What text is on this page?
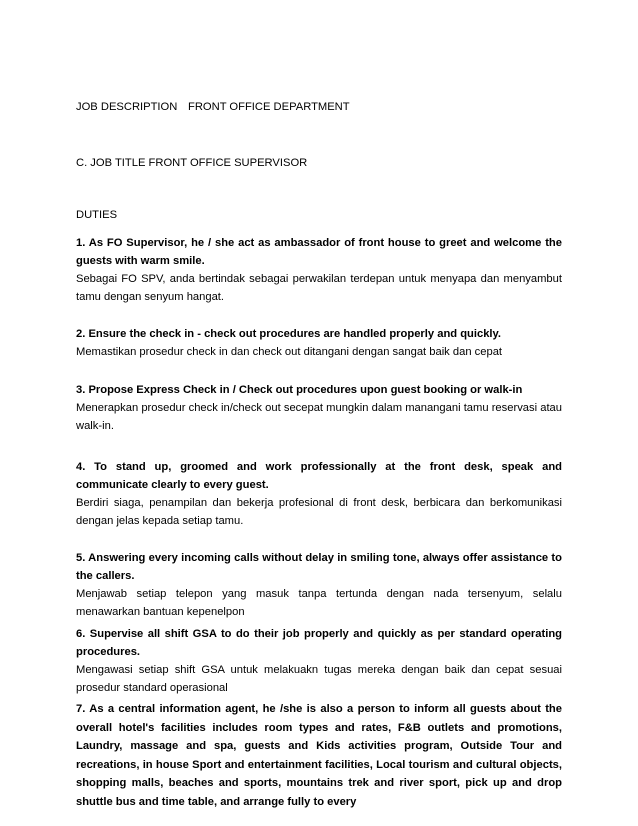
JOB DESCRIPTION FRONT OFFICE DEPARTMENT
C. JOB TITLE FRONT OFFICE SUPERVISOR
DUTIES
1. As FO Supervisor, he / she act as ambassador of front house to greet and welcome the guests with warm smile.
Sebagai FO SPV, anda bertindak sebagai perwakilan terdepan untuk menyapa dan menyambut tamu dengan senyum hangat.
2. Ensure the check in - check out procedures are handled properly and quickly.
Memastikan prosedur check in dan check out ditangani dengan sangat baik dan cepat
3. Propose Express Check in / Check out procedures upon guest booking or walk-in
Menerapkan prosedur check in/check out secepat mungkin dalam manangani tamu reservasi atau walk-in.
4. To stand up, groomed and work professionally at the front desk, speak and communicate clearly to every guest.
Berdiri siaga, penampilan dan bekerja profesional di front desk, berbicara dan berkomunikasi dengan jelas kepada setiap tamu.
5. Answering every incoming calls without delay in smiling tone, always offer assistance to the callers.
Menjawab setiap telepon yang masuk tanpa tertunda dengan nada tersenyum, selalu menawarkan bantuan kepenelpon
6. Supervise all shift GSA to do their job properly and quickly as per standard operating procedures.
Mengawasi setiap shift GSA untuk melakuakn tugas mereka dengan baik dan cepat sesuai prosedur standard operasional
7. As a central information agent, he /she is also a person to inform all guests about the overall hotel's facilities includes room types and rates, F&B outlets and promotions, Laundry, massage and spa, guests and Kids activities program, Outside Tour and recreations, in house Sport and entertainment facilities, Local tourism and cultural objects, shopping malls, beaches and sports, mountains trek and river sport, pick up and drop shuttle bus and time table, and arrange fully to every
